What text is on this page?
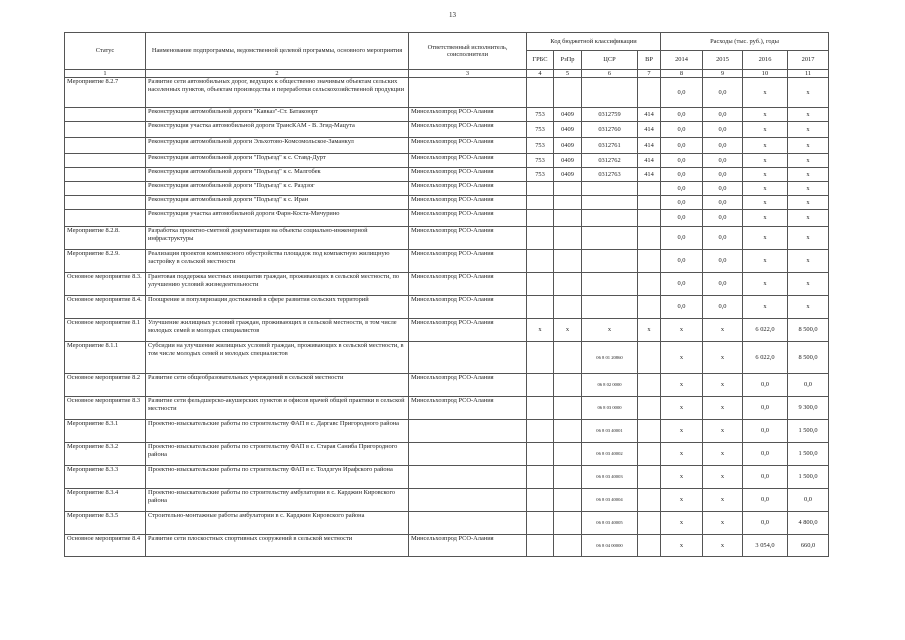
13
Статус	Наименование подпрограммы, ведомственной целевой программы, основного мероприятия	Ответственный исполнитель, соисполнители	Код бюджетной классификации				Расходы (тыс. руб.), годы			
			ГРБС	РзПр	ЦСР	ВР	2014	2015	2016	2017
1	2	3	4	5	6	7	8	9	10	11
Мероприятие 8.2.7	Развитие сети автомобильных дорог, ведущих к общественно значимым объектам сельских населенных пунктов, объектам производства и переработки сельскохозяйственной продукции						0,0	0,0	х	х
	Реконструкция автомобильной дороги "Кавказ"-Ст. Батакоюрт	Минсельхозпрод РСО-Алания	753	0409	0312759	414	0,0	0,0	х	х
	Реконструкция участка автомобильной дороги ТрансКАМ - В. Згид-Мацута	Минсельхозпрод РСО-Алания	753	0409	0312760	414	0,0	0,0	х	х
	Реконструкция автомобильной дороги Эльхотово-Комсомольское-Заманкул	Минсельхозпрод РСО-Алания	753	0409	0312761	414	0,0	0,0	х	х
	Реконструкция автомобильной дороги "Подъезд" к с. Ставд-Дурт	Минсельхозпрод РСО-Алания	753	0409	0312762	414	0,0	0,0	х	х
	Реконструкция автомобильной дороги "Подъезд" к с. Малгобек	Минсельхозпрод РСО-Алания	753	0409	0312763	414	0,0	0,0	х	х
	Реконструкция автомобильной дороги "Подъезд" к с. Раздзог	Минсельхозпрод РСО-Алания					0,0	0,0	х	х
	Реконструкция автомобильной дороги "Подъезд" к с. Иран	Минсельхозпрод РСО-Алания					0,0	0,0	х	х
	Реконструкция участка автомобильной дороги Фарн-Коста-Мичурино	Минсельхозпрод РСО-Алания					0,0	0,0	х	х
Мероприятие 8.2.8.	Разработка проектно-сметной документации на объекты социально-инженерной инфраструктуры	Минсельхозпрод РСО-Алания					0,0	0,0	х	х
Мероприятие 8.2.9.	Реализация проектов комплексного обустройства площадок под компактную жилищную застройку в сельской местности	Минсельхозпрод РСО-Алания					0,0	0,0	х	х
Основное мероприятие 8.3.	Грантовая поддержка местных инициатив граждан, проживающих в сельской местности, по улучшению условий жизнедеятельности	Минсельхозпрод РСО-Алания					0,0	0,0	х	х
Основное мероприятие 8.4.	Поощрение и популяризация достижений в сфере развития сельских территорий	Минсельхозпрод РСО-Алания					0,0	0,0	х	х
Основное мероприятие 8.1	Улучшение жилищных условий граждан, проживающих в сельской местности, в том числе молодых семей и молодых специалистов	Минсельхозпрод РСО-Алания	х	х	х	х	х	х	6 022,0	8 500,0
Мероприятие 8.1.1	Субсидии на улучшение жилищных условий граждан, проживающих в сельской местности, в том числе молодых семей и молодых специалистов				06 8 01 20860		х	х	6 022,0	8 500,0
Основное мероприятие 8.2	Развитие сети общеобразовательных учреждений в сельской местности	Минсельхозпрод РСО-Алания			06 8 02 0000		х	х	0,0	0,0
Основное мероприятие 8.3	Развитие сети фельдшерско-акушерских пунктов и офисов врачей общей практики в сельской местности	Минсельхозпрод РСО-Алания			06 8 03 0000		х	х	0,0	9 300,0
Мероприятие 8.3.1	Проектно-изыскательские работы по строительству ФАП в с. Даргавс Пригородного района				06 8 03 40001		х	х	0,0	1 500,0
Мероприятие 8.3.2	Проектно-изыскательские работы по строительству ФАП в с. Старая Саниба Пригородного района				06 8 03 40002		х	х	0,0	1 500,0
Мероприятие 8.3.3	Проектно-изыскательские работы по строительству ФАП в с. Толдзгун Ирафского района				06 8 03 40003		х	х	0,0	1 500,0
Мероприятие 8.3.4	Проектно-изыскательские работы по строительству амбулатории в с. Карджин Кировского района				06 8 03 40004		х	х	0,0	0,0
Мероприятие 8.3.5	Строительно-монтажные работы амбулатории в с. Карджин Кировского района				06 8 03 40005		х	х	0,0	4 800,0
Основное мероприятие 8.4	Развитие сети плоскостных спортивных сооружений в сельской местности	Минсельхозпрод РСО-Алания			06 8 04 00000		х	х	3 054,0	660,0
